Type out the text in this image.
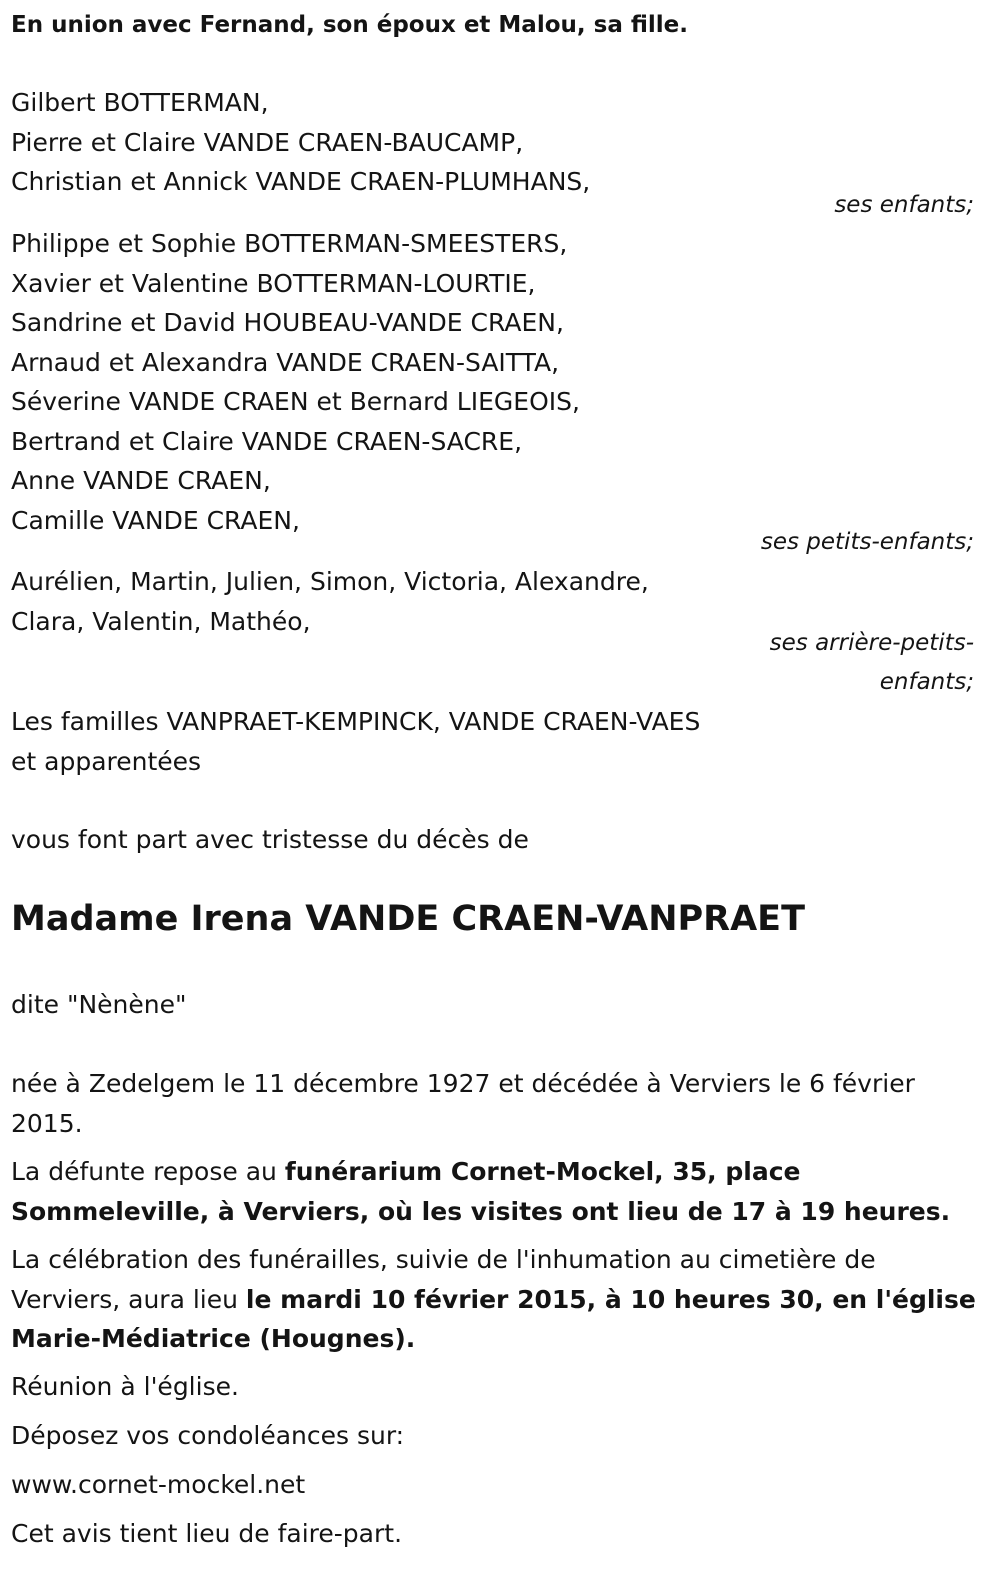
En union avec Fernand, son époux et Malou, sa fille.
Gilbert BOTTERMAN,
Pierre et Claire VANDE CRAEN-BAUCAMP,
Christian et Annick VANDE CRAEN-PLUMHANS,
ses enfants;
Philippe et Sophie BOTTERMAN-SMEESTERS,
Xavier et Valentine BOTTERMAN-LOURTIE,
Sandrine et David HOUBEAU-VANDE CRAEN,
Arnaud et Alexandra VANDE CRAEN-SAITTA,
Séverine VANDE CRAEN et Bernard LIEGEOIS,
Bertrand et Claire VANDE CRAEN-SACRE,
Anne VANDE CRAEN,
Camille VANDE CRAEN,
ses petits-enfants;
Aurélien, Martin, Julien, Simon, Victoria, Alexandre,
Clara, Valentin, Mathéo,
ses arrière-petits-
enfants;
Les familles VANPRAET-KEMPINCK, VANDE CRAEN-VAES
et apparentées
vous font part avec tristesse du décès de
Madame Irena VANDE CRAEN-VANPRAET
dite "Nènène"
née à Zedelgem le 11 décembre 1927 et décédée à Verviers le 6 février
2015.
La défunte repose au funérarium Cornet-Mockel, 35, place
Sommeleville, à Verviers, où les visites ont lieu de 17 à 19 heures.
La célébration des funérailles, suivie de l'inhumation au cimetière de
Verviers, aura lieu le mardi 10 février 2015, à 10 heures 30, en l'église
Marie-Médiatrice (Hougnes).
Réunion à l'église.
Déposez vos condoléances sur:
www.cornet-mockel.net
Cet avis tient lieu de faire-part.
